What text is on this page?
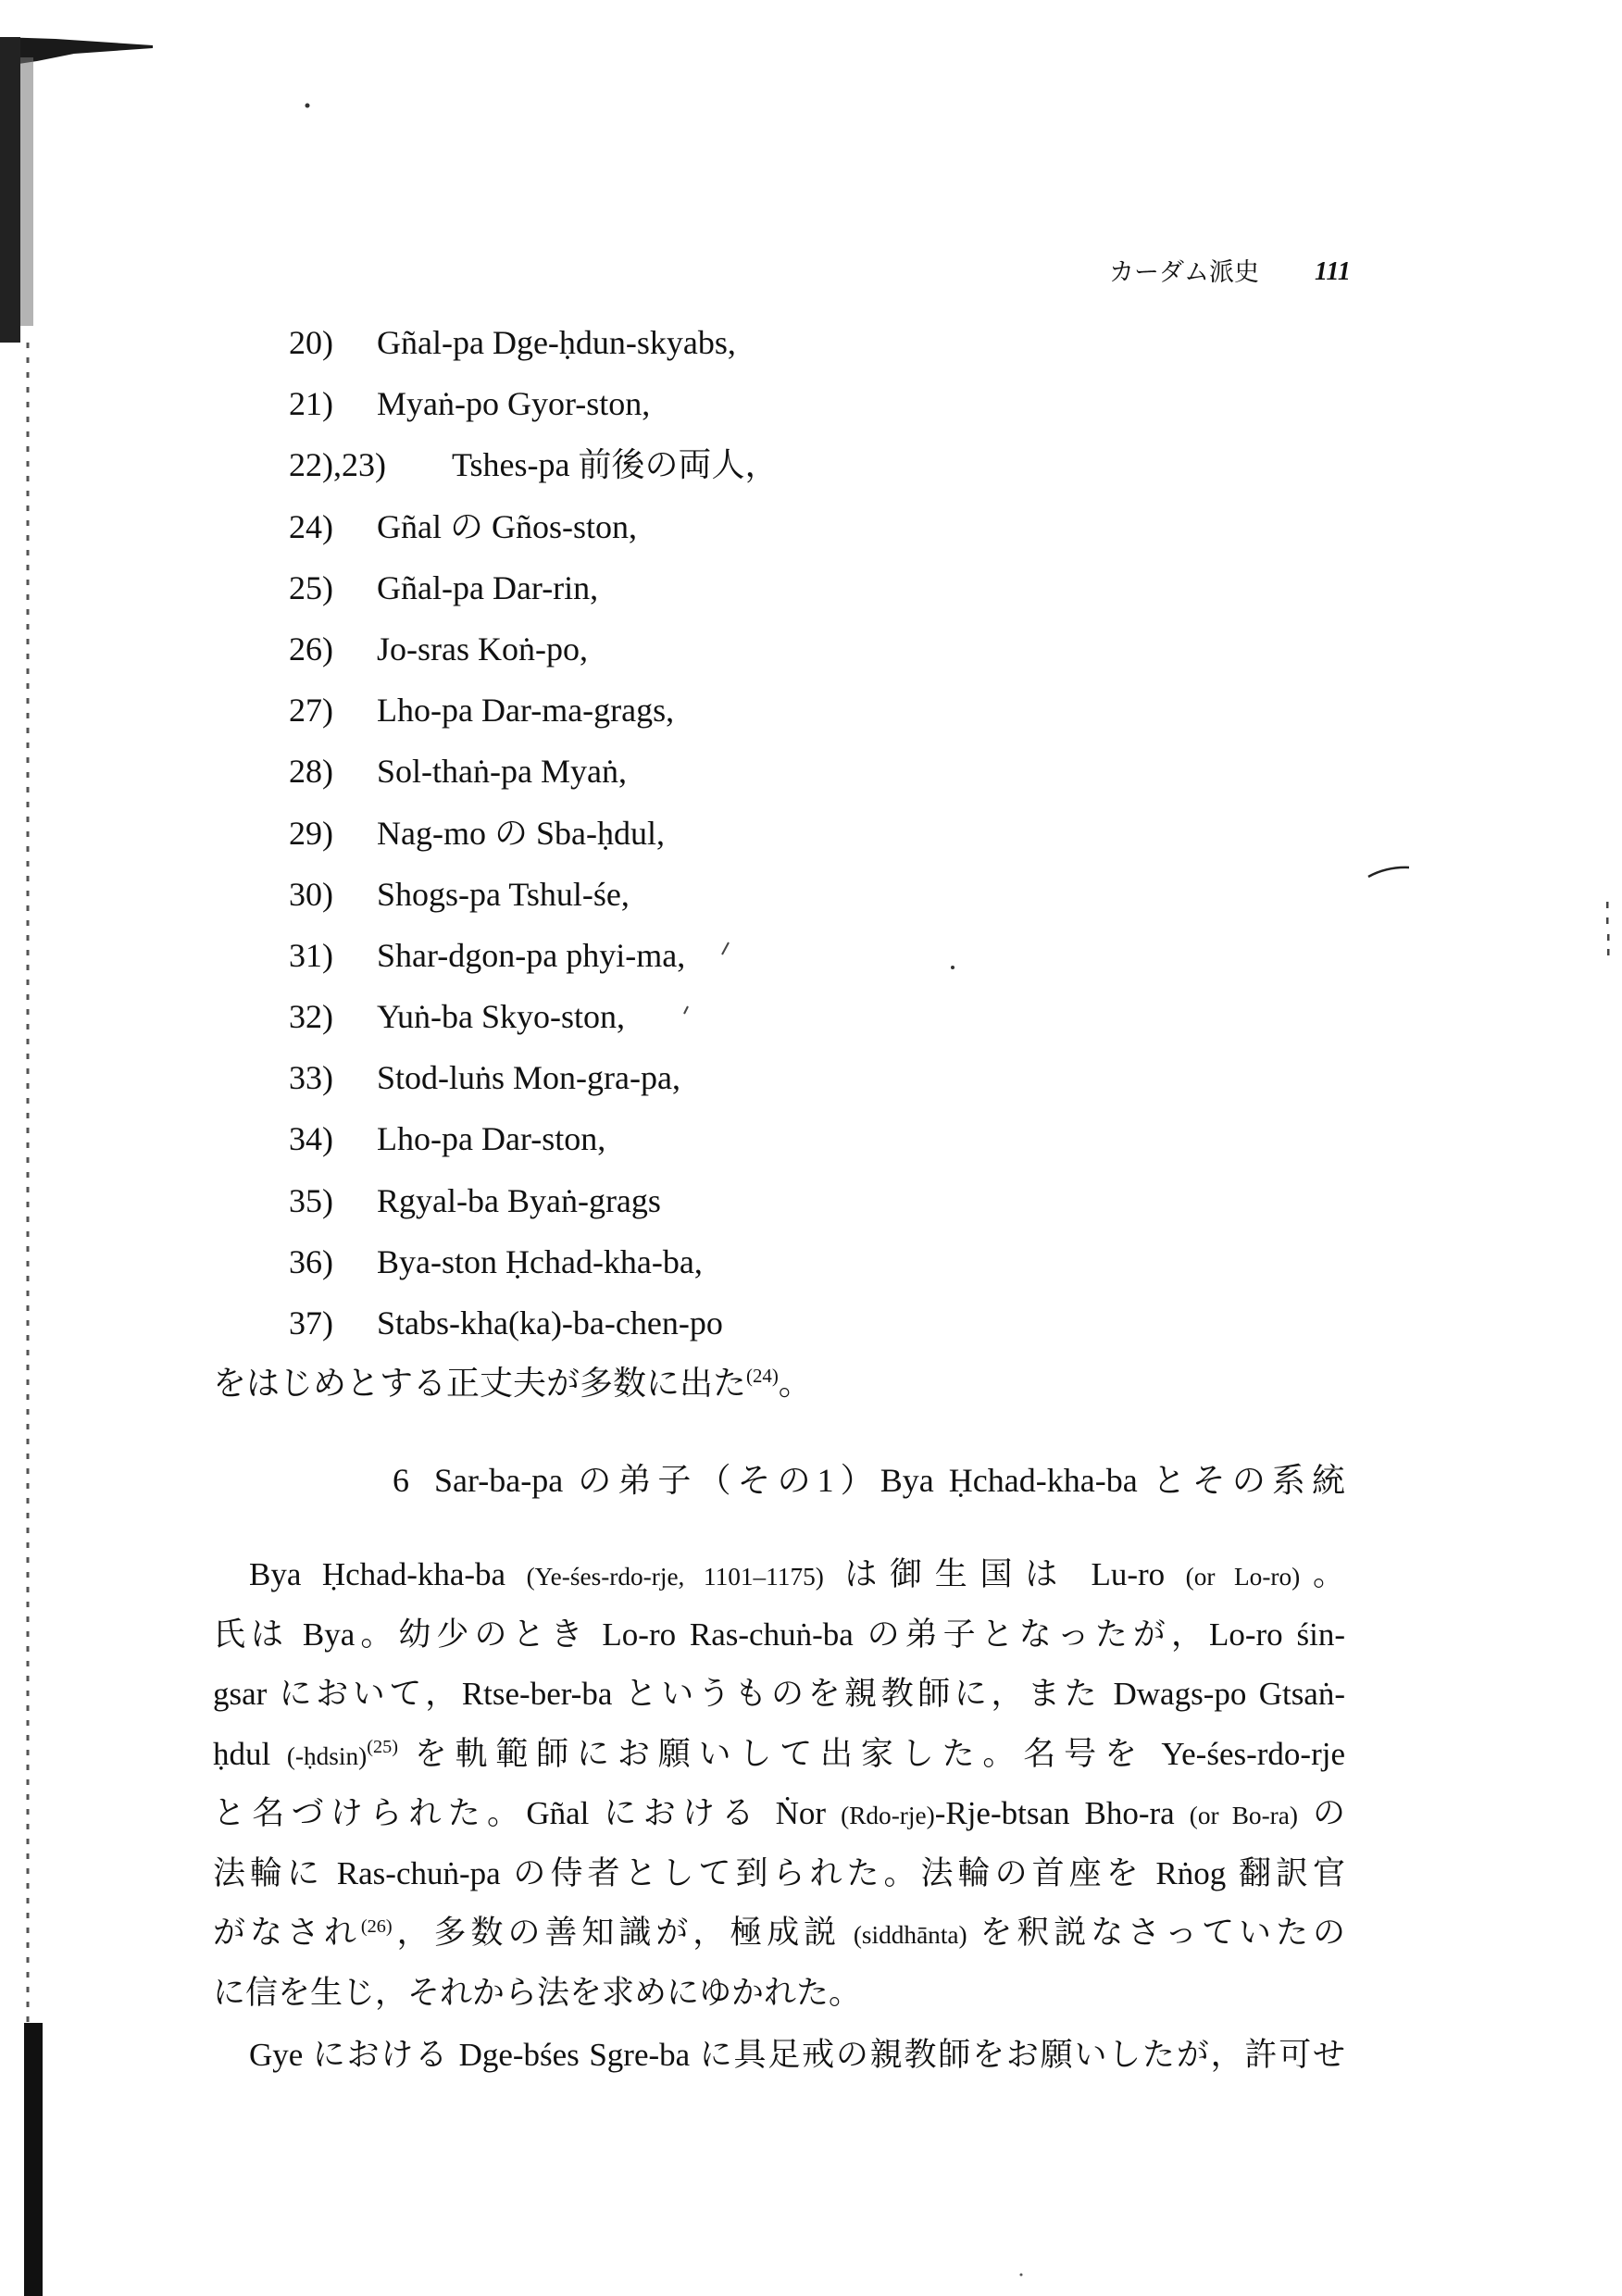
カーダム派史 111
20)	Gñal-pa Dge-ḥdun-skyabs,
21)	Myaṅ-po Gyor-ston,
22),23)	Tshes-pa 前後の両人，
24)	Gñal の Gños-ston,
25)	Gñal-pa Dar-rin,
26)	Jo-sras Koṅ-po,
27)	Lho-pa Dar-ma-grags,
28)	Sol-thaṅ-pa Myaṅ,
29)	Nag-mo の Sba-ḥdul,
30)	Shogs-pa Tshul-śe,
31)	Shar-dgon-pa phyi-ma,
32)	Yuṅ-ba Skyo-ston,
33)	Stod-luṅs Mon-gra-pa,
34)	Lho-pa Dar-ston,
35)	Rgyal-ba Byaṅ-grags
36)	Bya-ston Ḥchad-kha-ba,
37)	Stabs-kha(ka)-ba-chen-po
をはじめとする正丈夫が多数に出た$^{(24)}$。
6 Sar-ba-pa の弟子（その1）Bya Ḥchad-kha-ba とその系統
Bya Ḥchad-kha-ba (Ye-śes-rdo-rje, 1101–1175) は御生国は Lu-ro (or Lo-ro)。
氏は Bya。幼少のとき Lo-ro Ras-chuṅ-ba の弟子となったが，Lo-ro śin-
gsar において，Rtse-ber-ba というものを親教師に，また Dwags-po Gtsaṅ-
ḥdul (-ḥdsin)$^{(25)}$ を軌範師にお願いして出家した。名号を Ye-śes-rdo-rje
と名づけられた。Gñal における Ṅor (Rdo-rje)-Rje-btsan Bho-ra (or Bo-ra) の
法輪に Ras-chuṅ-pa の侍者として到られた。法輪の首座を Rṅog 翻訳官
がなされ$^{(26)}$，多数の善知識が，極成説 (siddhānta) を釈説なさっていたの
に信を生じ，それから法を求めにゆかれた。
Gye における Dge-bśes Sgre-ba に具足戒の親教師をお願いしたが，許可せ
